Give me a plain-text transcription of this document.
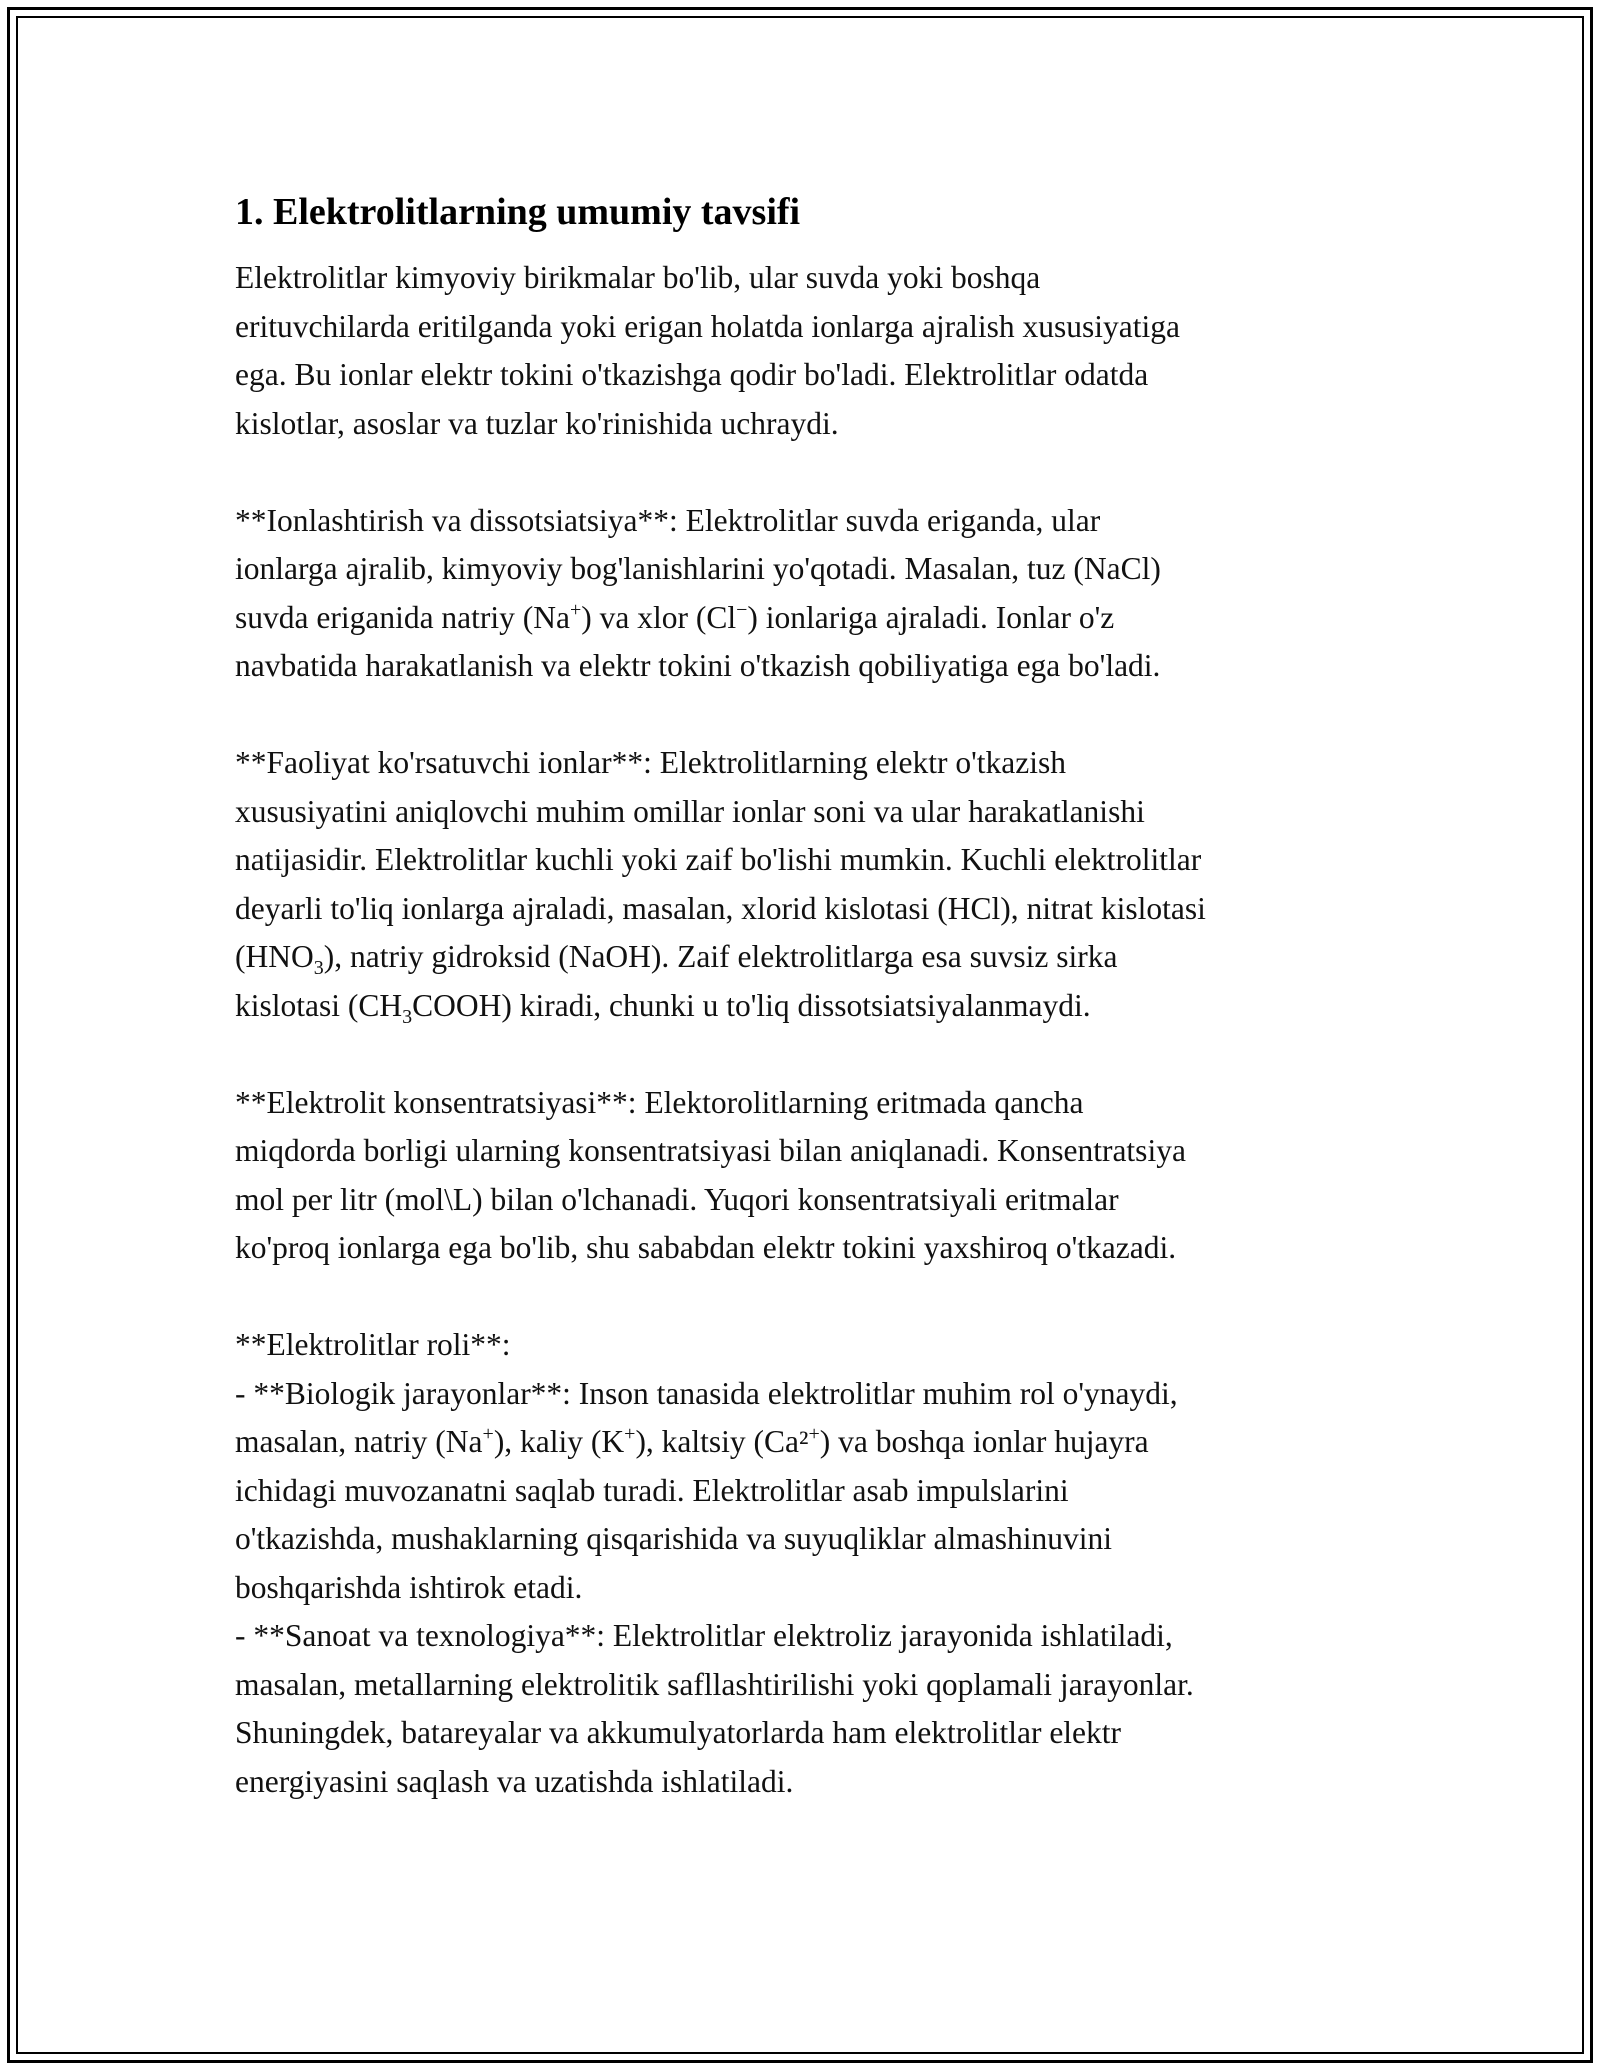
1. Elektrolitlarning umumiy tavsifi

Elektrolitlar kimyoviy birikmalar bo'lib, ular suvda yoki boshqa
erituvchilarda eritilganda yoki erigan holatda ionlarga ajralish xususiyatiga
ega. Bu ionlar elektr tokini o'tkazishga qodir bo'ladi. Elektrolitlar odatda
kislotlar, asoslar va tuzlar ko'rinishida uchraydi.

**Ionlashtirish va dissotsiatsiya**: Elektrolitlar suvda eriganda, ular
ionlarga ajralib, kimyoviy bog'lanishlarini yo'qotadi. Masalan, tuz (NaCl)
suvda eriganida natriy (Na+) va xlor (Cl−) ionlariga ajraladi. Ionlar o'z
navbatida harakatlanish va elektr tokini o'tkazish qobiliyatiga ega bo'ladi.

**Faoliyat ko'rsatuvchi ionlar**: Elektrolitlarning elektr o'tkazish
xususiyatini aniqlovchi muhim omillar ionlar soni va ular harakatlanishi
natijasidir. Elektrolitlar kuchli yoki zaif bo'lishi mumkin. Kuchli elektrolitlar
deyarli to'liq ionlarga ajraladi, masalan, xlorid kislotasi (HCl), nitrat kislotasi
$(HNO_3)$, natriy gidroksid (NaOH). Zaif elektrolitlarga esa suvsiz sirka
kislotasi $(CH_3COOH)$ kiradi, chunki u to'liq dissotsiatsiyalanmaydi.

**Elektrolit konsentratsiyasi**: Elektorolitlarning eritmada qancha
miqdorda borligi ularning konsentratsiyasi bilan aniqlanadi. Konsentratsiya
mol per litr (mol\L) bilan o'lchanadi. Yuqori konsentratsiyali eritmalar
ko'proq ionlarga ega bo'lib, shu sababdan elektr tokini yaxshiroq o'tkazadi.

**Elektrolitlar roli**:
- **Biologik jarayonlar**: Inson tanasida elektrolitlar muhim rol o'ynaydi,
masalan, natriy (Na+), kaliy (K+), kaltsiy (Ca²+) va boshqa ionlar hujayra
ichidagi muvozanatni saqlab turadi. Elektrolitlar asab impulslarini
o'tkazishda, mushaklarning qisqarishida va suyuqliklar almashinuvini
boshqarishda ishtirok etadi.
- **Sanoat va texnologiya**: Elektrolitlar elektroliz jarayonida ishlatiladi,
masalan, metallarning elektrolitik safllashtirilishi yoki qoplamali jarayonlar.
Shuningdek, batareyalar va akkumulyatorlarda ham elektrolitlar elektr
energiyasini saqlash va uzatishda ishlatiladi.
